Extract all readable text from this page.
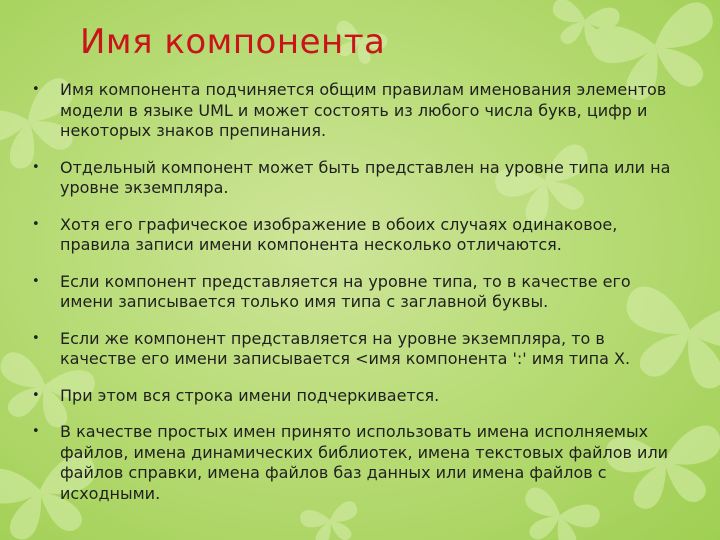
Имя компонента
• Имя компонента подчиняется общим правилам именования элементов модели в языке UML и может состоять из любого числа букв, цифр и некоторых знаков препинания.
• Отдельный компонент может быть представлен на уровне типа или на уровне экземпляра.
• Хотя его графическое изображение в обоих случаях одинаковое, правила записи имени компонента несколько отличаются.
• Если компонент представляется на уровне типа, то в качестве его имени записывается только имя типа с заглавной буквы.
• Если же компонент представляется на уровне экземпляра, то в качестве его имени записывается <имя компонента ':' имя типа Х.
• При этом вся строка имени подчеркивается.
• В качестве простых имен принято использовать имена исполняемых файлов, имена динамических библиотек, имена текстовых файлов или файлов справки, имена файлов баз данных или имена файлов с исходными.
